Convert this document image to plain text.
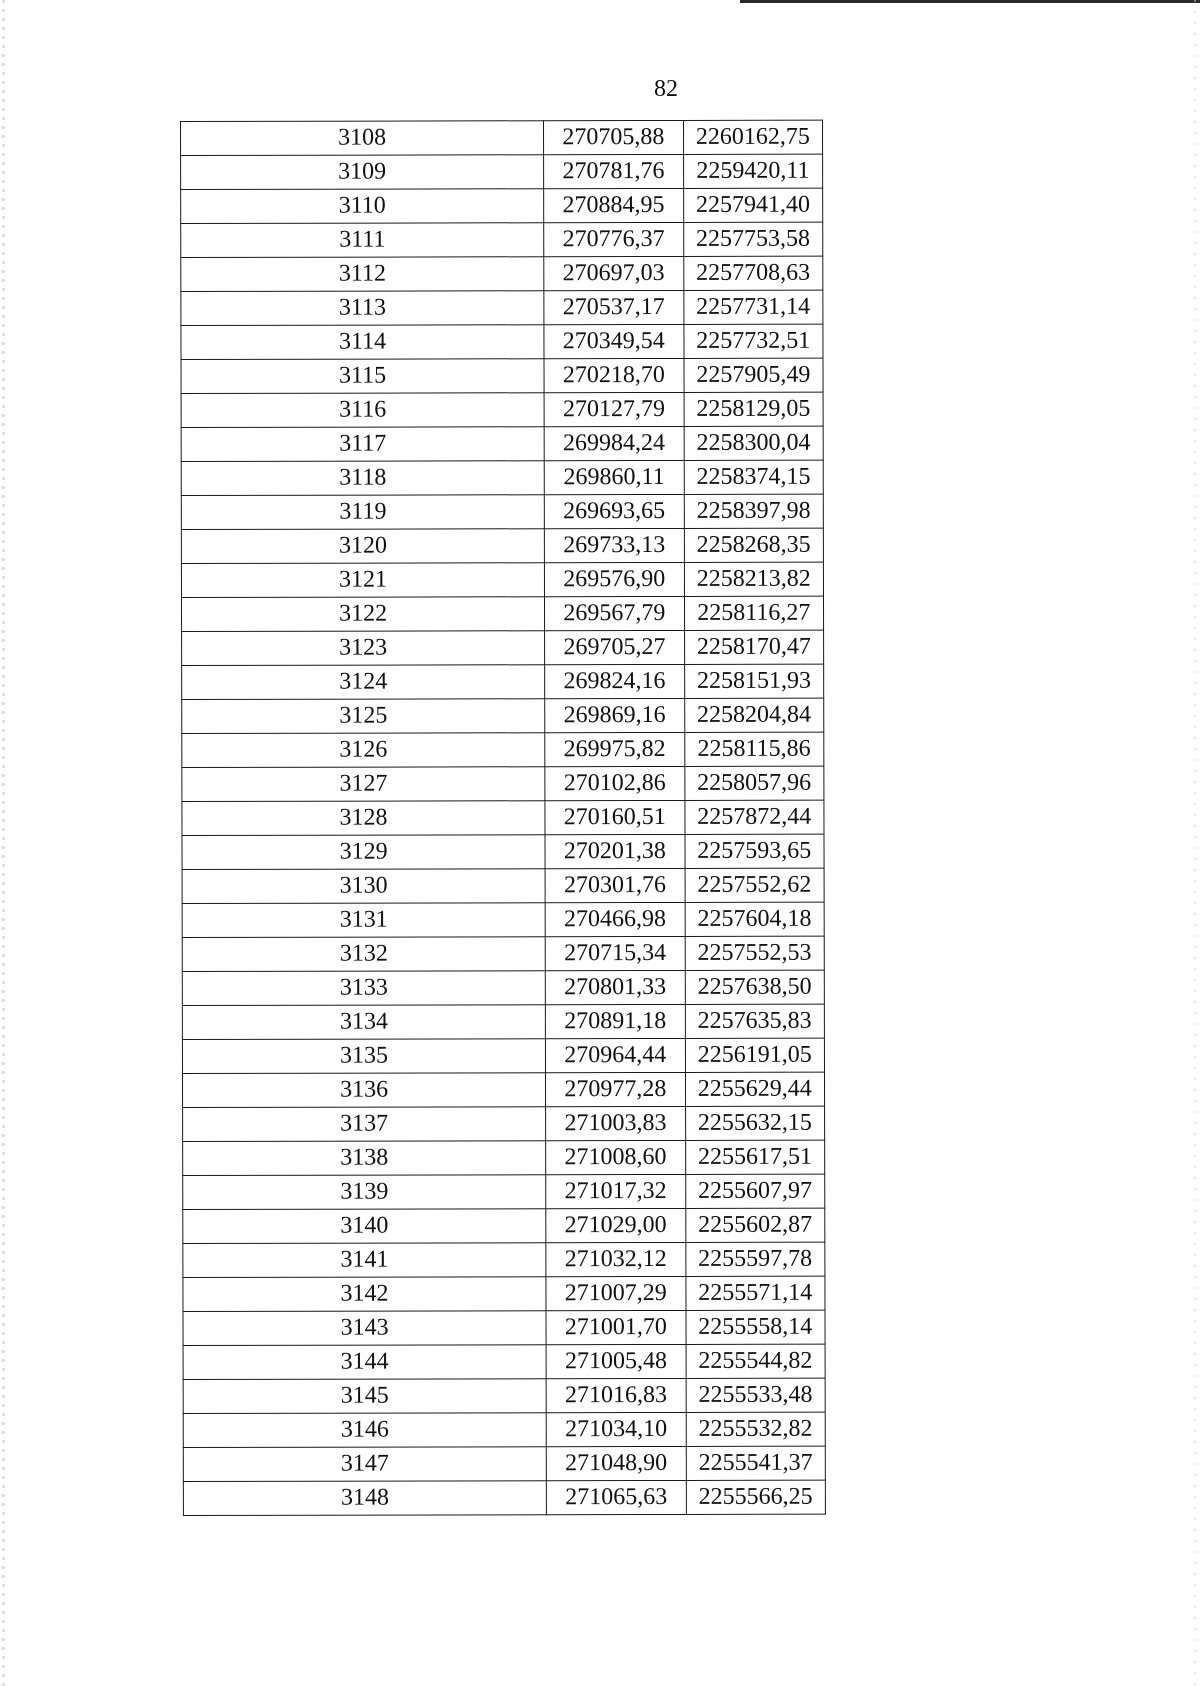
82
3108	270705,88	2260162,75
3109	270781,76	2259420,11
3110	270884,95	2257941,40
3111	270776,37	2257753,58
3112	270697,03	2257708,63
3113	270537,17	2257731,14
3114	270349,54	2257732,51
3115	270218,70	2257905,49
3116	270127,79	2258129,05
3117	269984,24	2258300,04
3118	269860,11	2258374,15
3119	269693,65	2258397,98
3120	269733,13	2258268,35
3121	269576,90	2258213,82
3122	269567,79	2258116,27
3123	269705,27	2258170,47
3124	269824,16	2258151,93
3125	269869,16	2258204,84
3126	269975,82	2258115,86
3127	270102,86	2258057,96
3128	270160,51	2257872,44
3129	270201,38	2257593,65
3130	270301,76	2257552,62
3131	270466,98	2257604,18
3132	270715,34	2257552,53
3133	270801,33	2257638,50
3134	270891,18	2257635,83
3135	270964,44	2256191,05
3136	270977,28	2255629,44
3137	271003,83	2255632,15
3138	271008,60	2255617,51
3139	271017,32	2255607,97
3140	271029,00	2255602,87
3141	271032,12	2255597,78
3142	271007,29	2255571,14
3143	271001,70	2255558,14
3144	271005,48	2255544,82
3145	271016,83	2255533,48
3146	271034,10	2255532,82
3147	271048,90	2255541,37
3148	271065,63	2255566,25
